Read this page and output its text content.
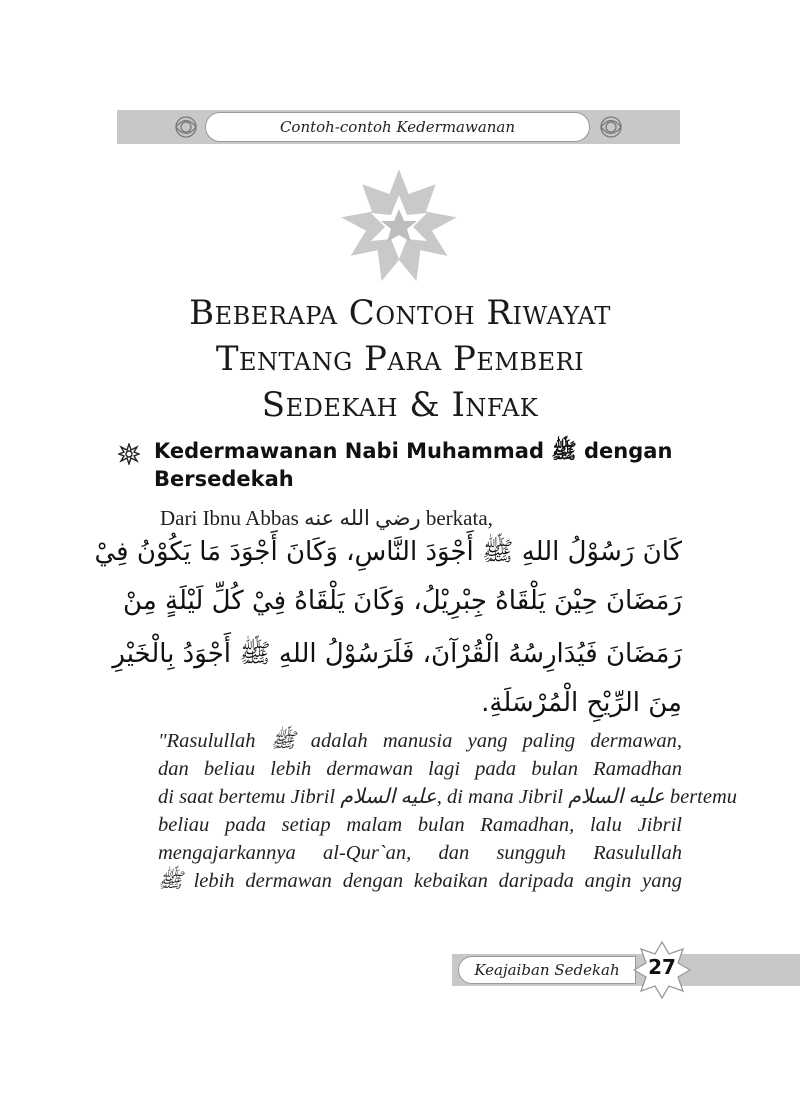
Contoh-contoh Kedermawanan
Beberapa Contoh Riwayat
Tentang Para Pemberi
Sedekah & Infak
Kedermawanan Nabi Muhammad ﷺ dengan
Bersedekah
Dari Ibnu Abbas رضي الله عنه berkata,
كَانَ رَسُوْلُ اللهِ ﷺ أَجْوَدَ النَّاسِ، وَكَانَ أَجْوَدَ مَا يَكُوْنُ فِيْ
رَمَضَانَ حِيْنَ يَلْقَاهُ جِبْرِيْلُ، وَكَانَ يَلْقَاهُ فِيْ كُلِّ لَيْلَةٍ مِنْ
رَمَضَانَ فَيُدَارِسُهُ الْقُرْآنَ، فَلَرَسُوْلُ اللهِ ﷺ أَجْوَدُ بِالْخَيْرِ
مِنَ الرِّيْحِ الْمُرْسَلَةِ.
"Rasulullah ﷺ adalah manusia yang paling dermawan,
dan beliau lebih dermawan lagi pada bulan Ramadhan
di saat bertemu Jibril عليه السلام, di mana Jibril عليه السلام bertemu
beliau pada setiap malam bulan Ramadhan, lalu Jibril
mengajarkannya al-Qur`an, dan sungguh Rasulullah
ﷺ lebih dermawan dengan kebaikan daripada angin yang
Keajaiban Sedekah	27
